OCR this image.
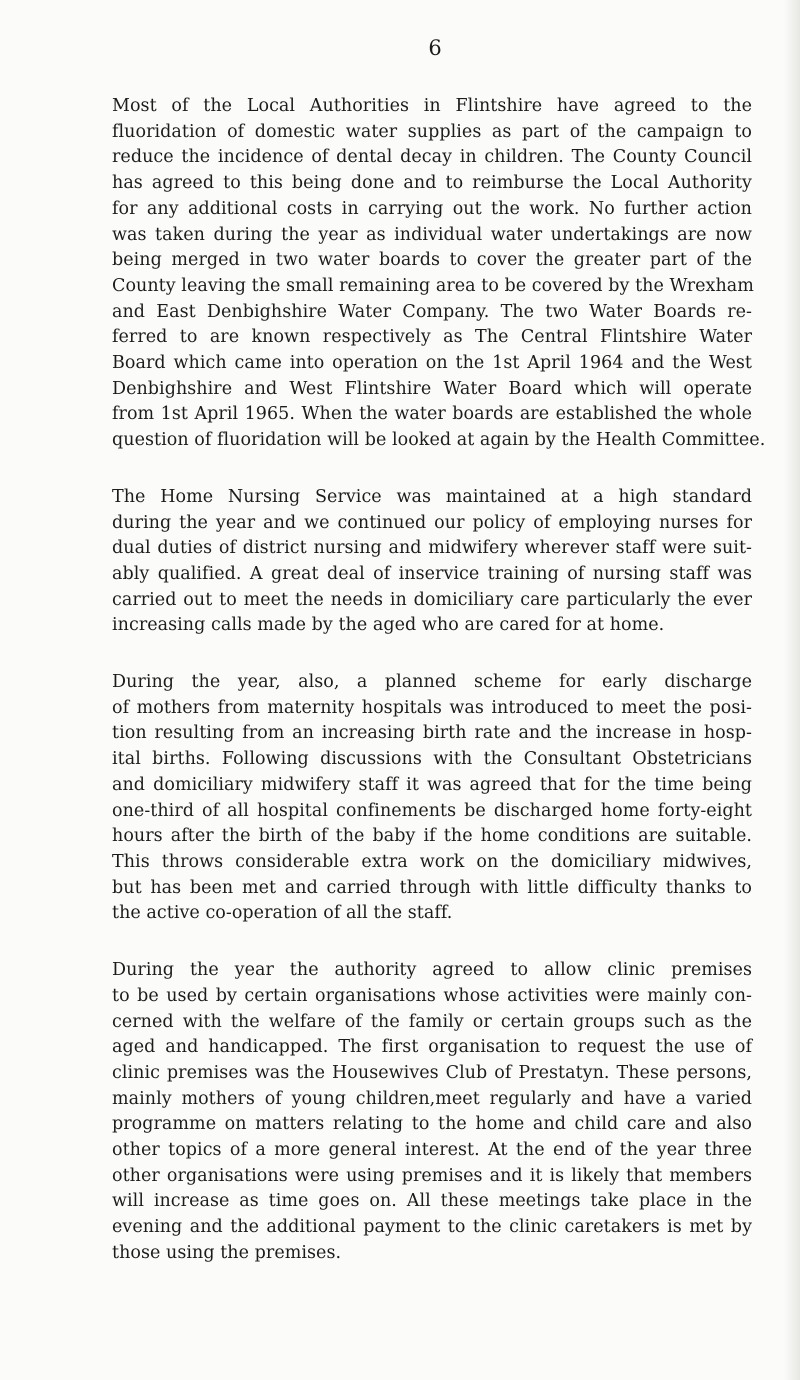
6
Most of the Local Authorities in Flintshire have agreed to the
fluoridation of domestic water supplies as part of the campaign to
reduce the incidence of dental decay in children. The County Council
has agreed to this being done and to reimburse the Local Authority
for any additional costs in carrying out the work. No further action
was taken during the year as individual water undertakings are now
being merged in two water boards to cover the greater part of the
County leaving the small remaining area to be covered by the Wrexham
and East Denbighshire Water Company. The two Water Boards re-
ferred to are known respectively as The Central Flintshire Water
Board which came into operation on the 1st April 1964 and the West
Denbighshire and West Flintshire Water Board which will operate
from 1st April 1965. When the water boards are established the whole
question of fluoridation will be looked at again by the Health Committee.
The Home Nursing Service was maintained at a high standard
during the year and we continued our policy of employing nurses for
dual duties of district nursing and midwifery wherever staff were suit-
ably qualified. A great deal of inservice training of nursing staff was
carried out to meet the needs in domiciliary care particularly the ever
increasing calls made by the aged who are cared for at home.
During the year, also, a planned scheme for early discharge
of mothers from maternity hospitals was introduced to meet the posi-
tion resulting from an increasing birth rate and the increase in hosp-
ital births. Following discussions with the Consultant Obstetricians
and domiciliary midwifery staff it was agreed that for the time being
one-third of all hospital confinements be discharged home forty-eight
hours after the birth of the baby if the home conditions are suitable.
This throws considerable extra work on the domiciliary midwives,
but has been met and carried through with little difficulty thanks to
the active co-operation of all the staff.
During the year the authority agreed to allow clinic premises
to be used by certain organisations whose activities were mainly con-
cerned with the welfare of the family or certain groups such as the
aged and handicapped. The first organisation to request the use of
clinic premises was the Housewives Club of Prestatyn. These persons,
mainly mothers of young children,meet regularly and have a varied
programme on matters relating to the home and child care and also
other topics of a more general interest. At the end of the year three
other organisations were using premises and it is likely that members
will increase as time goes on. All these meetings take place in the
evening and the additional payment to the clinic caretakers is met by
those using the premises.
